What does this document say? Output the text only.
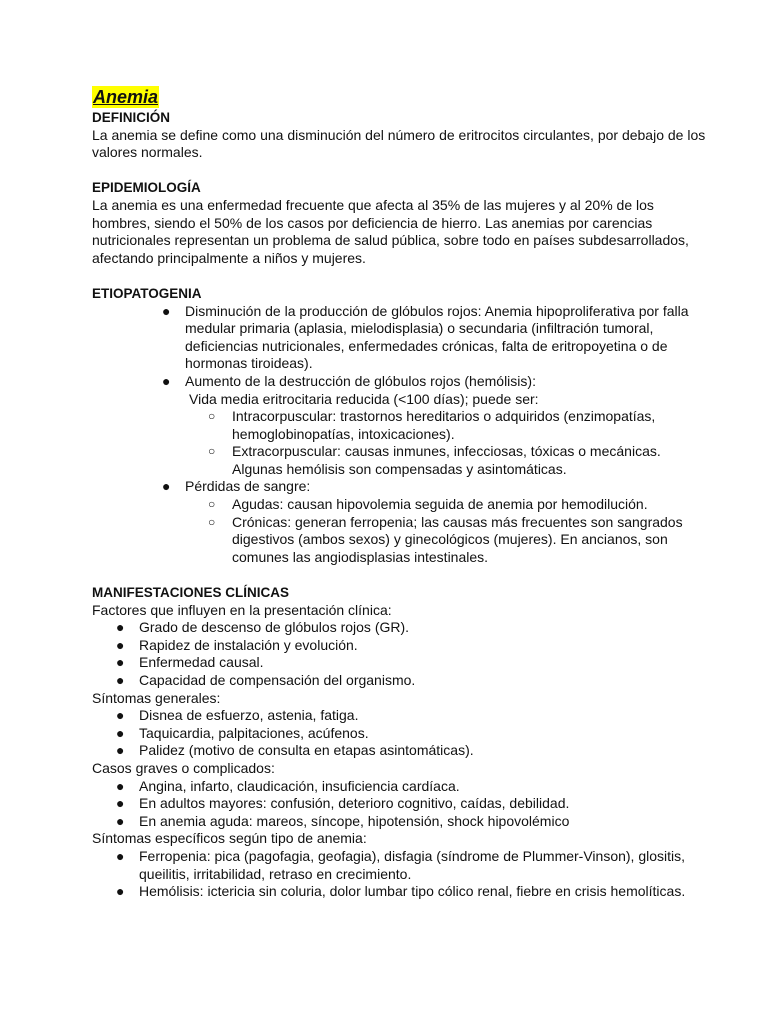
Anemia

DEFINICIÓN

La anemia se define como una disminución del número de eritrocitos circulantes, por debajo de los valores normales.

EPIDEMIOLOGÍA

La anemia es una enfermedad frecuente que afecta al 35% de las mujeres y al 20% de los hombres, siendo el 50% de los casos por deficiencia de hierro. Las anemias por carencias nutricionales representan un problema de salud pública, sobre todo en países subdesarrollados, afectando principalmente a niños y mujeres.

ETIOPATOGENIA

● Disminución de la producción de glóbulos rojos: Anemia hipoproliferativa por falla medular primaria (aplasia, mielodisplasia) o secundaria (infiltración tumoral, deficiencias nutricionales, enfermedades crónicas, falta de eritropoyetina o de hormonas tiroideas).
● Aumento de la destrucción de glóbulos rojos (hemólisis):

Vida media eritrocitaria reducida (<100 días); puede ser:

○ Intracorpuscular: trastornos hereditarios o adquiridos (enzimopatías, hemoglobinopatías, intoxicaciones).
○ Extracorpuscular: causas inmunes, infecciosas, tóxicas o mecánicas. Algunas hemólisis son compensadas y asintomáticas.
● Pérdidas de sangre:
○ Agudas: causan hipovolemia seguida de anemia por hemodilución.
○ Crónicas: generan ferropenia; las causas más frecuentes son sangrados digestivos (ambos sexos) y ginecológicos (mujeres). En ancianos, son comunes las angiodisplasias intestinales.

MANIFESTACIONES CLÍNICAS

Factores que influyen en la presentación clínica:

● Grado de descenso de glóbulos rojos (GR).
● Rapidez de instalación y evolución.
● Enfermedad causal.
● Capacidad de compensación del organismo.

Síntomas generales:

● Disnea de esfuerzo, astenia, fatiga.
● Taquicardia, palpitaciones, acúfenos.
● Palidez (motivo de consulta en etapas asintomáticas).

Casos graves o complicados:

● Angina, infarto, claudicación, insuficiencia cardíaca.
● En adultos mayores: confusión, deterioro cognitivo, caídas, debilidad.
● En anemia aguda: mareos, síncope, hipotensión, shock hipovolémico

Síntomas específicos según tipo de anemia:

● Ferropenia: pica (pagofagia, geofagia), disfagia (síndrome de Plummer-Vinson), glositis, queilitis, irritabilidad, retraso en crecimiento.
● Hemólisis: ictericia sin coluria, dolor lumbar tipo cólico renal, fiebre en crisis hemolíticas.
